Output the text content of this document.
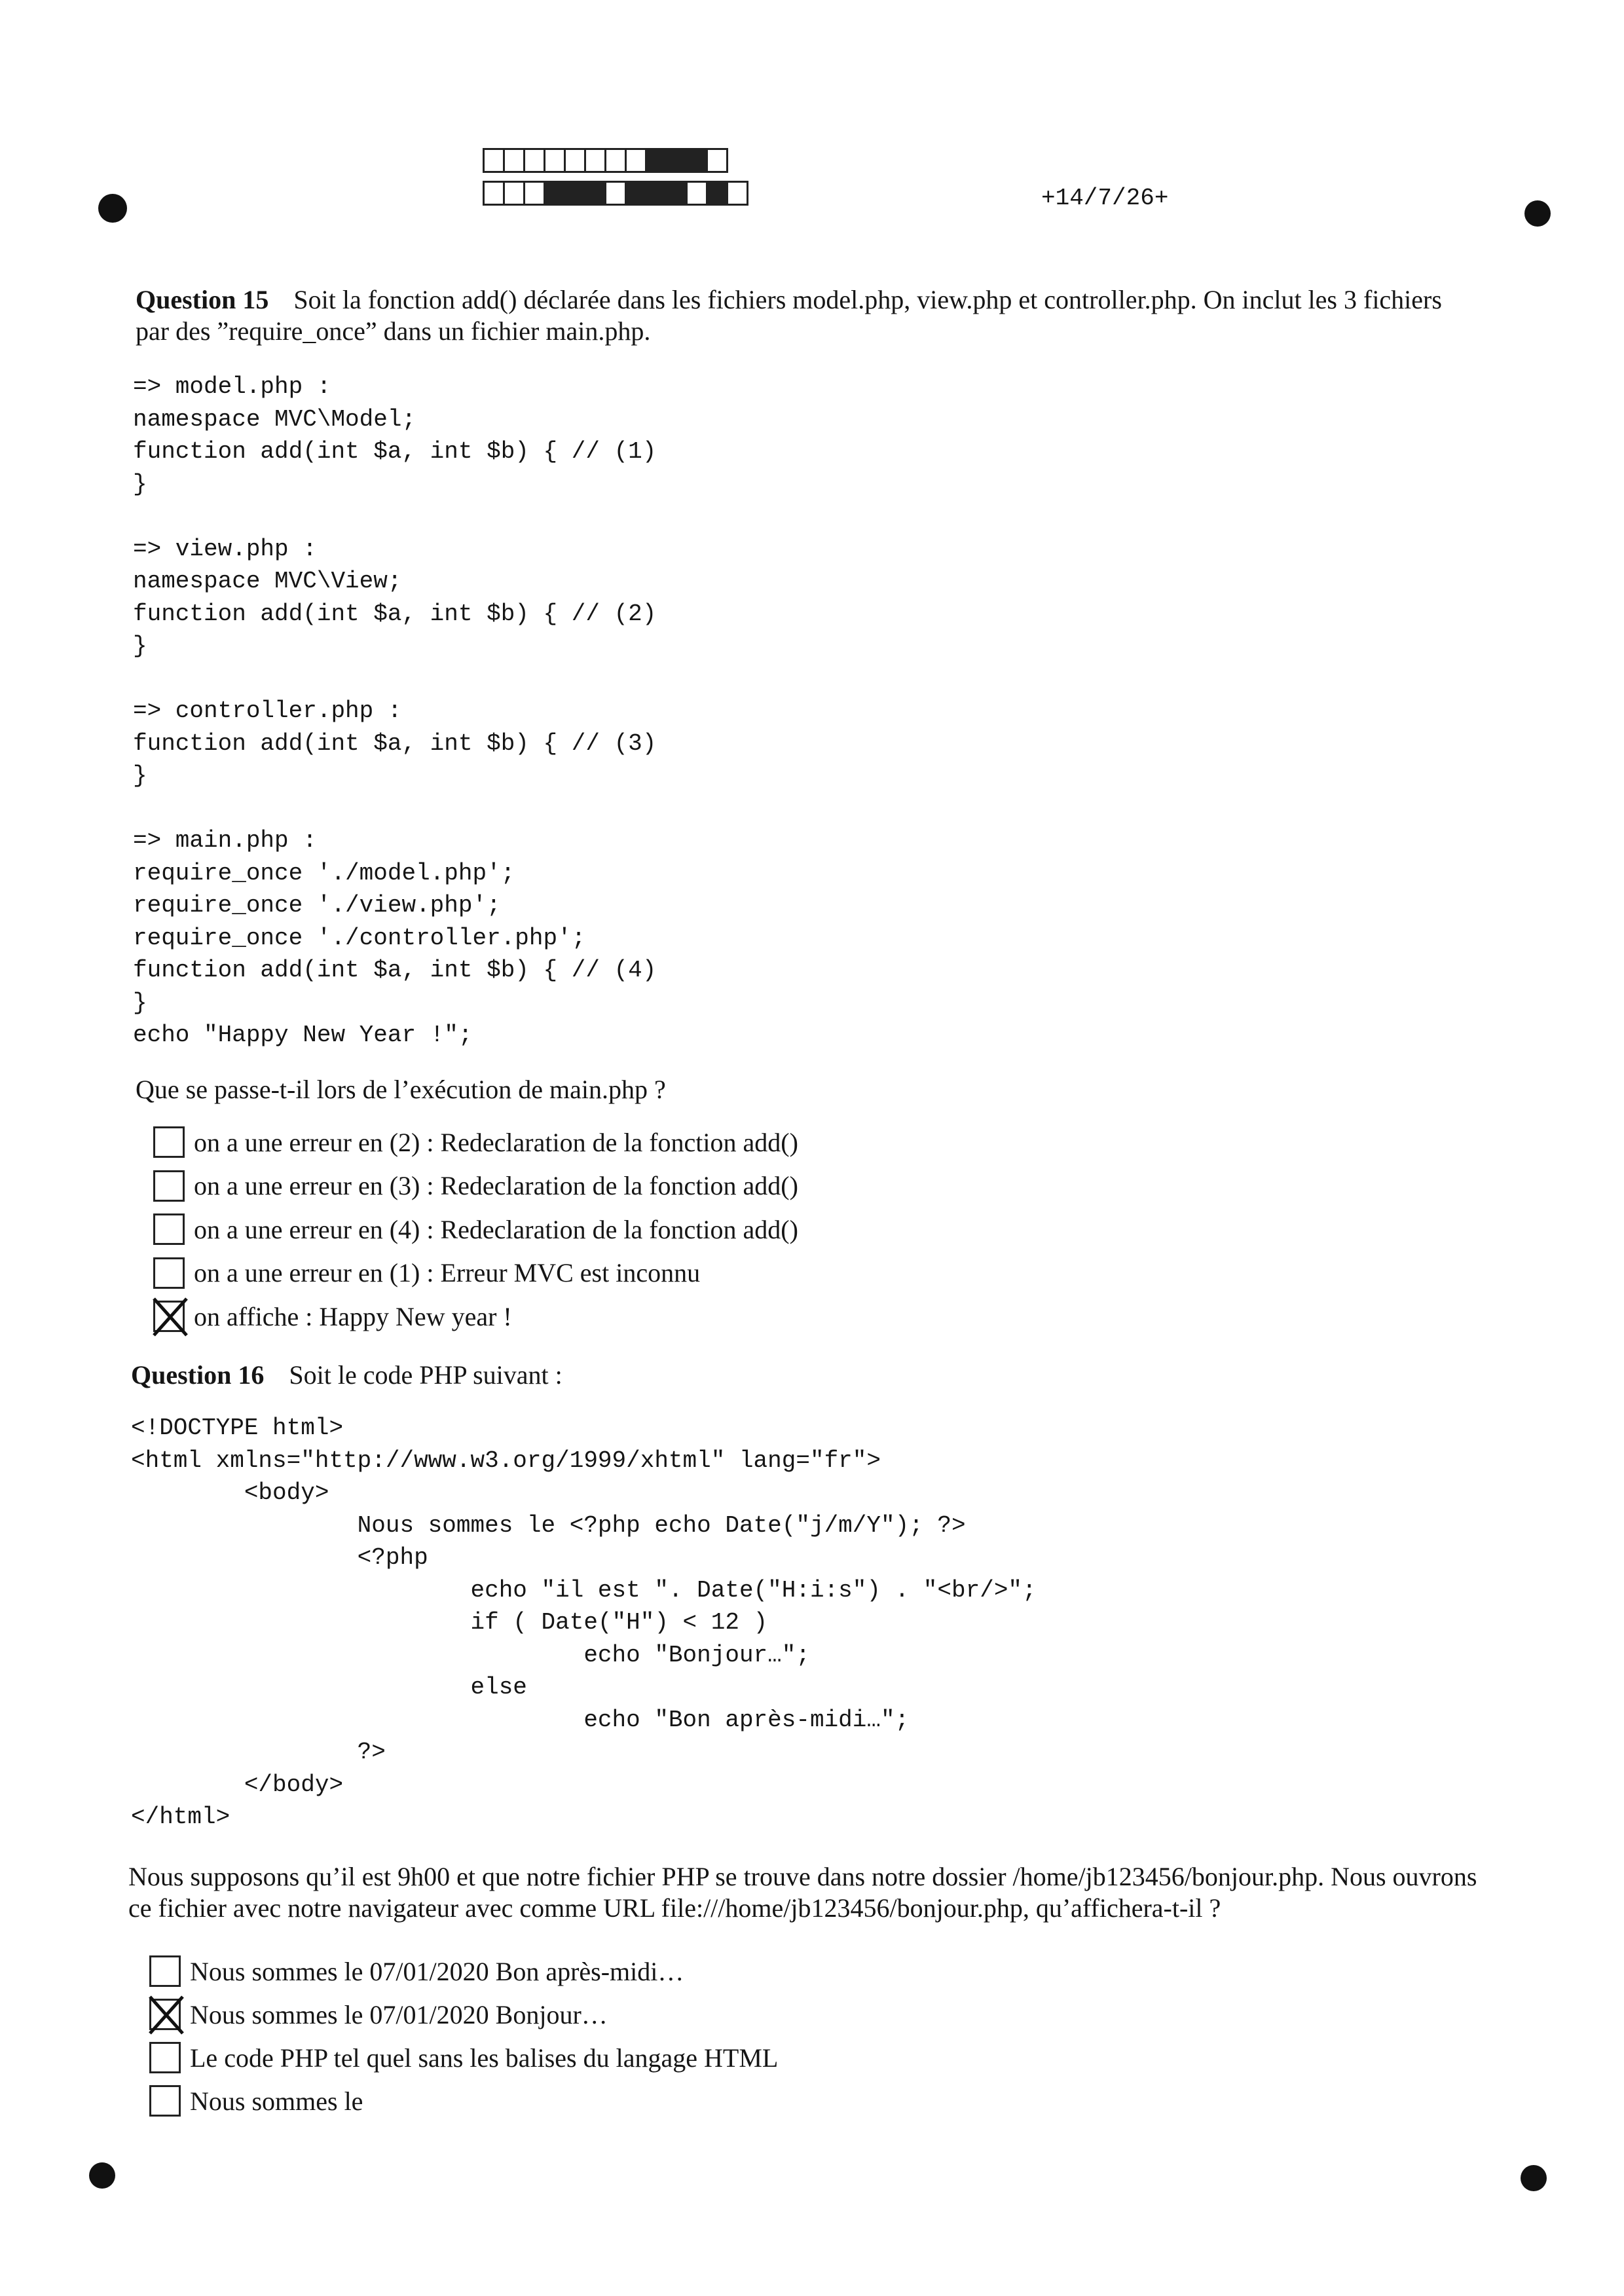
+14/7/26+
Question 15 Soit la fonction add() déclarée dans les fichiers model.php, view.php et controller.php. On inclut les 3 fichiers
par des ”require_once” dans un fichier main.php.
=> model.php :
namespace MVC\Model;
function add(int $a, int $b) { // (1)
}

=> view.php :
namespace MVC\View;
function add(int $a, int $b) { // (2)
}

=> controller.php :
function add(int $a, int $b) { // (3)
}

=> main.php :
require_once './model.php';
require_once './view.php';
require_once './controller.php';
function add(int $a, int $b) { // (4)
}
echo "Happy New Year !";
Que se passe-t-il lors de l’exécution de main.php ?
on a une erreur en (2) : Redeclaration de la fonction add()
on a une erreur en (3) : Redeclaration de la fonction add()
on a une erreur en (4) : Redeclaration de la fonction add()
on a une erreur en (1) : Erreur MVC est inconnu
on affiche : Happy New year !
Question 16 Soit le code PHP suivant :
<!DOCTYPE html>
<html xmlns="http://www.w3.org/1999/xhtml" lang="fr">
<body>
Nous sommes le <?php echo Date("j/m/Y"); ?>
<?php
echo "il est ". Date("H:i:s") . "<br/>";
if ( Date("H") < 12 )
echo "Bonjour…";
else
echo "Bon après-midi…";
?>
</body>
</html>
Nous supposons qu’il est 9h00 et que notre fichier PHP se trouve dans notre dossier /home/jb123456/bonjour.php. Nous ouvrons
ce fichier avec notre navigateur avec comme URL file:///home/jb123456/bonjour.php, qu’affichera-t-il ?
Nous sommes le 07/01/2020 Bon après-midi…
Nous sommes le 07/01/2020 Bonjour…
Le code PHP tel quel sans les balises du langage HTML
Nous sommes le
